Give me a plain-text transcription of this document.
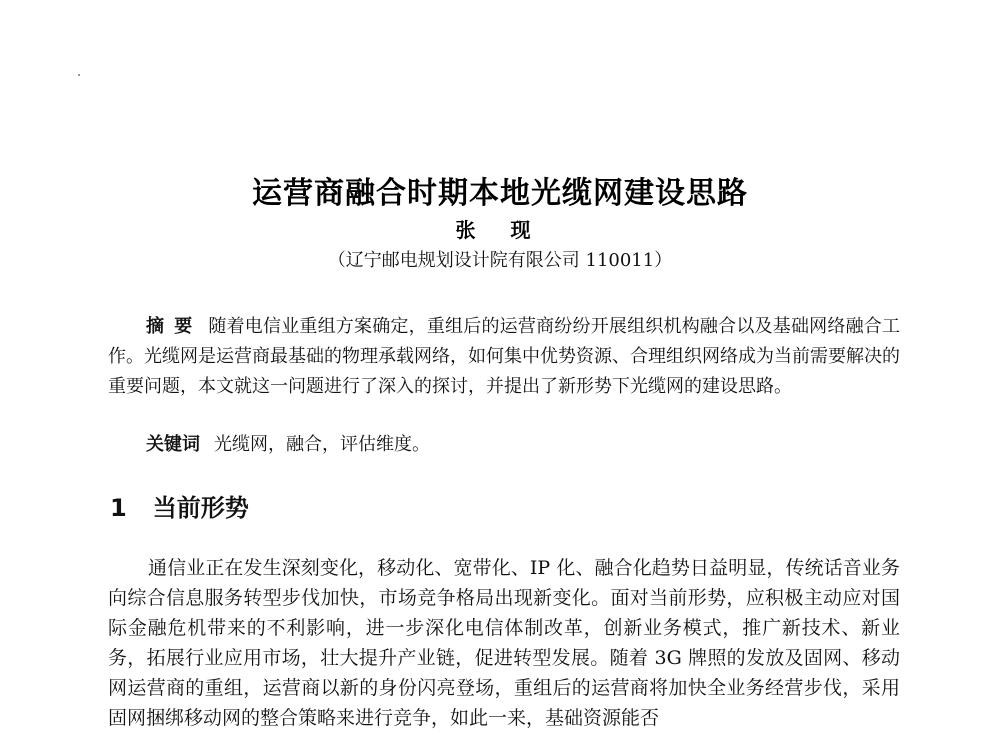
运营商融合时期本地光缆网建设思路
张 现
（辽宁邮电规划设计院有限公司 110011）

摘要 随着电信业重组方案确定，重组后的运营商纷纷开展组织机构融合以及基础网络融合工作。光缆网是运营商最基础的物理承载网络，如何集中优势资源、合理组织网络成为当前需要解决的重要问题，本文就这一问题进行了深入的探讨，并提出了新形势下光缆网的建设思路。

关键词 光缆网，融合，评估维度。
1 当前形势

通信业正在发生深刻变化，移动化、宽带化、IP 化、融合化趋势日益明显，传统话音业务向综合信息服务转型步伐加快，市场竞争格局出现新变化。面对当前形势，应积极主动应对国际金融危机带来的不利影响，进一步深化电信体制改革，创新业务模式，推广新技术、新业务，拓展行业应用市场，壮大提升产业链，促进转型发展。随着 3G 牌照的发放及固网、移动网运营商的重组，运营商以新的身份闪亮登场，重组后的运营商将加快全业务经营步伐，采用固网捆绑移动网的整合策略来进行竞争，如此一来，基础资源能否
